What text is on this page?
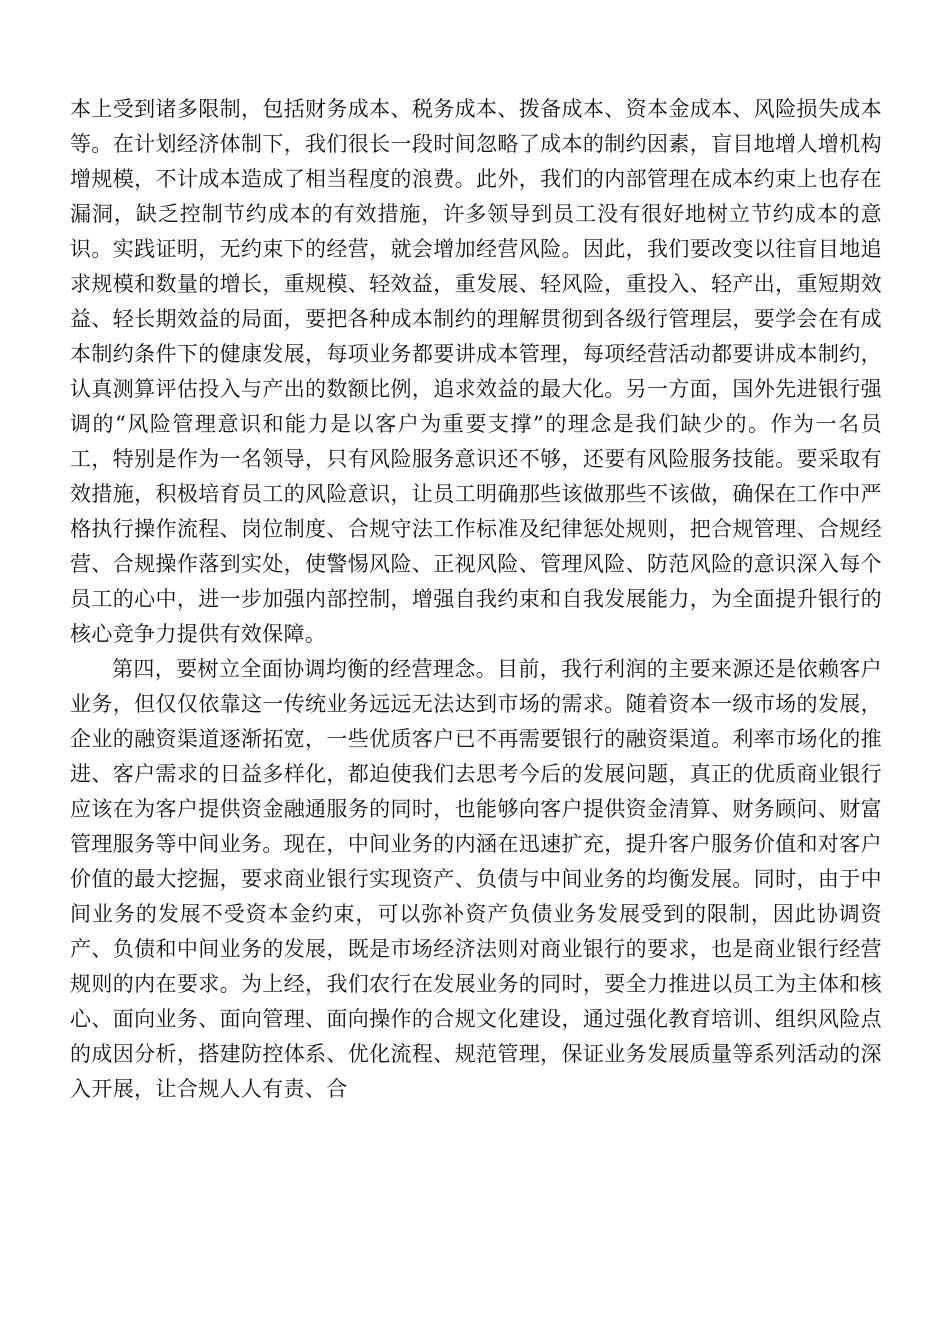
本上受到诸多限制，包括财务成本、税务成本、拨备成本、资本金成本、风险损失成本等。在计划经济体制下，我们很长一段时间忽略了成本的制约因素，盲目地增人增机构增规模，不计成本造成了相当程度的浪费。此外，我们的内部管理在成本约束上也存在漏洞，缺乏控制节约成本的有效措施，许多领导到员工没有很好地树立节约成本的意识。实践证明，无约束下的经营，就会增加经营风险。因此，我们要改变以往盲目地追求规模和数量的增长，重规模、轻效益，重发展、轻风险，重投入、轻产出，重短期效益、轻长期效益的局面，要把各种成本制约的理解贯彻到各级行管理层，要学会在有成本制约条件下的健康发展，每项业务都要讲成本管理，每项经营活动都要讲成本制约，认真测算评估投入与产出的数额比例，追求效益的最大化。另一方面，国外先进银行强调的“风险管理意识和能力是以客户为重要支撑”的理念是我们缺少的。作为一名员工，特别是作为一名领导，只有风险服务意识还不够，还要有风险服务技能。要采取有效措施，积极培育员工的风险意识，让员工明确那些该做那些不该做，确保在工作中严格执行操作流程、岗位制度、合规守法工作标准及纪律惩处规则，把合规管理、合规经营、合规操作落到实处，使警惕风险、正视风险、管理风险、防范风险的意识深入每个员工的心中，进一步加强内部控制，增强自我约束和自我发展能力，为全面提升银行的核心竞争力提供有效保障。

第四，要树立全面协调均衡的经营理念。目前，我行利润的主要来源还是依赖客户业务，但仅仅依靠这一传统业务远远无法达到市场的需求。随着资本一级市场的发展，企业的融资渠道逐渐拓宽，一些优质客户已不再需要银行的融资渠道。利率市场化的推进、客户需求的日益多样化，都迫使我们去思考今后的发展问题，真正的优质商业银行应该在为客户提供资金融通服务的同时，也能够向客户提供资金清算、财务顾问、财富管理服务等中间业务。现在，中间业务的内涵在迅速扩充，提升客户服务价值和对客户价值的最大挖掘，要求商业银行实现资产、负债与中间业务的均衡发展。同时，由于中间业务的发展不受资本金约束，可以弥补资产负债业务发展受到的限制，因此协调资产、负债和中间业务的发展，既是市场经济法则对商业银行的要求，也是商业银行经营规则的内在要求。为上经，我们农行在发展业务的同时，要全力推进以员工为主体和核心、面向业务、面向管理、面向操作的合规文化建设，通过强化教育培训、组织风险点的成因分析，搭建防控体系、优化流程、规范管理，保证业务发展质量等系列活动的深入开展，让合规人人有责、合
